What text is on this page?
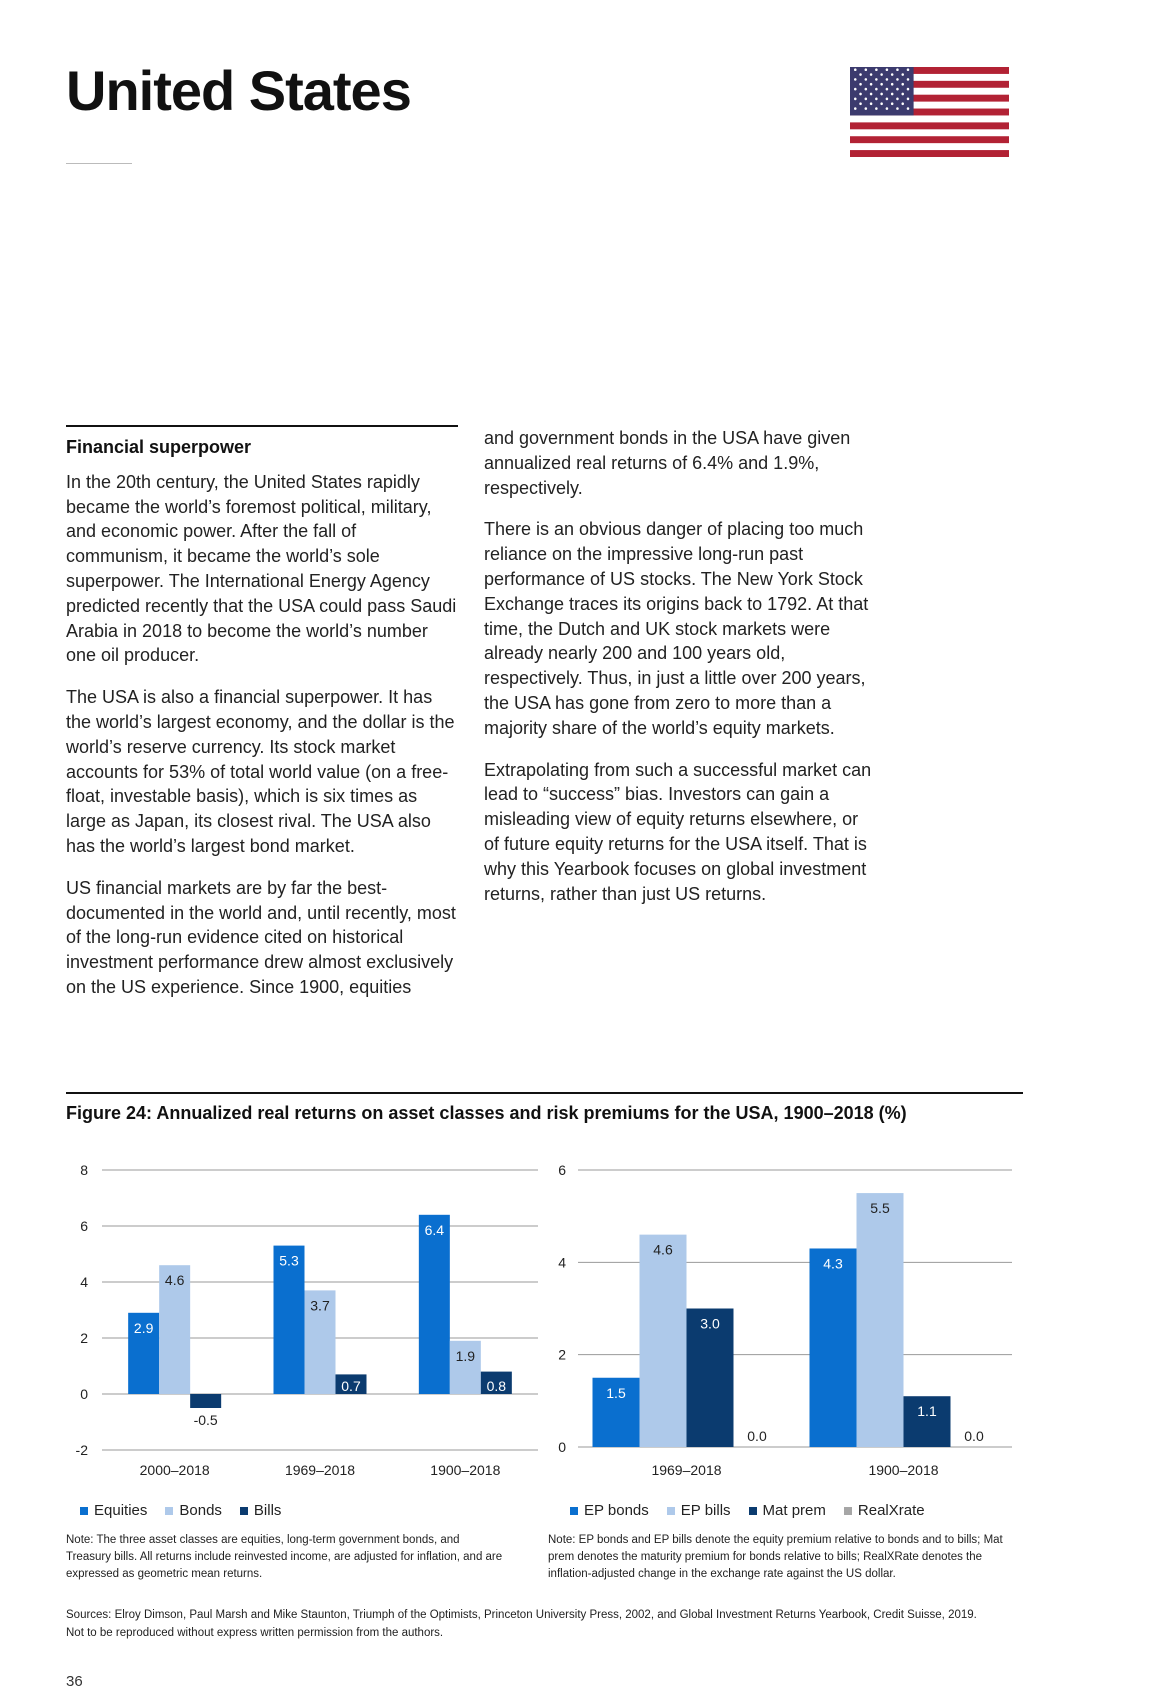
United States
Financial superpower

In the 20th century, the United States rapidly became the world’s foremost political, military, and economic power. After the fall of communism, it became the world’s sole superpower. The International Energy Agency predicted recently that the USA could pass Saudi Arabia in 2018 to become the world’s number one oil producer.

The USA is also a financial superpower. It has the world’s largest economy, and the dollar is the world’s reserve currency. Its stock market accounts for 53% of total world value (on a free-float, investable basis), which is six times as large as Japan, its closest rival. The USA also has the world’s largest bond market.

US financial markets are by far the best-documented in the world and, until recently, most of the long-run evidence cited on historical investment performance drew almost exclusively on the US experience. Since 1900, equities

and government bonds in the USA have given annualized real returns of 6.4% and 1.9%, respectively.

There is an obvious danger of placing too much reliance on the impressive long-run past performance of US stocks. The New York Stock Exchange traces its origins back to 1792. At that time, the Dutch and UK stock markets were already nearly 200 and 100 years old, respectively. Thus, in just a little over 200 years, the USA has gone from zero to more than a majority share of the world’s equity markets.

Extrapolating from such a successful market can lead to “success” bias. Investors can gain a misleading view of equity returns elsewhere, or of future equity returns for the USA itself. That is why this Yearbook focuses on global investment returns, rather than just US returns.

Figure 24: Annualized real returns on asset classes and risk premiums for the USA, 1900–2018 (%)
-2
0
2
4
6
8
2.9
4.6
-0.5
2000–2018
5.3
3.7
0.7
1969–2018
6.4
1.9
0.8
1900–2018
0
2
4
6
1.5
4.6
3.0
0.0
1969–2018
4.3
5.5
1.1
0.0
1900–2018
Equities Bonds Bills	EP bonds EP bills Mat prem RealXrate
Note: The three asset classes are equities, long-term government bonds, and Treasury bills. All returns include reinvested income, are adjusted for inflation, and are expressed as geometric mean returns.
Note: EP bonds and EP bills denote the equity premium relative to bonds and to bills; Mat prem denotes the maturity premium for bonds relative to bills; RealXRate denotes the inflation-adjusted change in the exchange rate against the US dollar.
Sources: Elroy Dimson, Paul Marsh and Mike Staunton, Triumph of the Optimists, Princeton University Press, 2002, and Global Investment Returns Yearbook, Credit Suisse, 2019. Not to be reproduced without express written permission from the authors.
36
